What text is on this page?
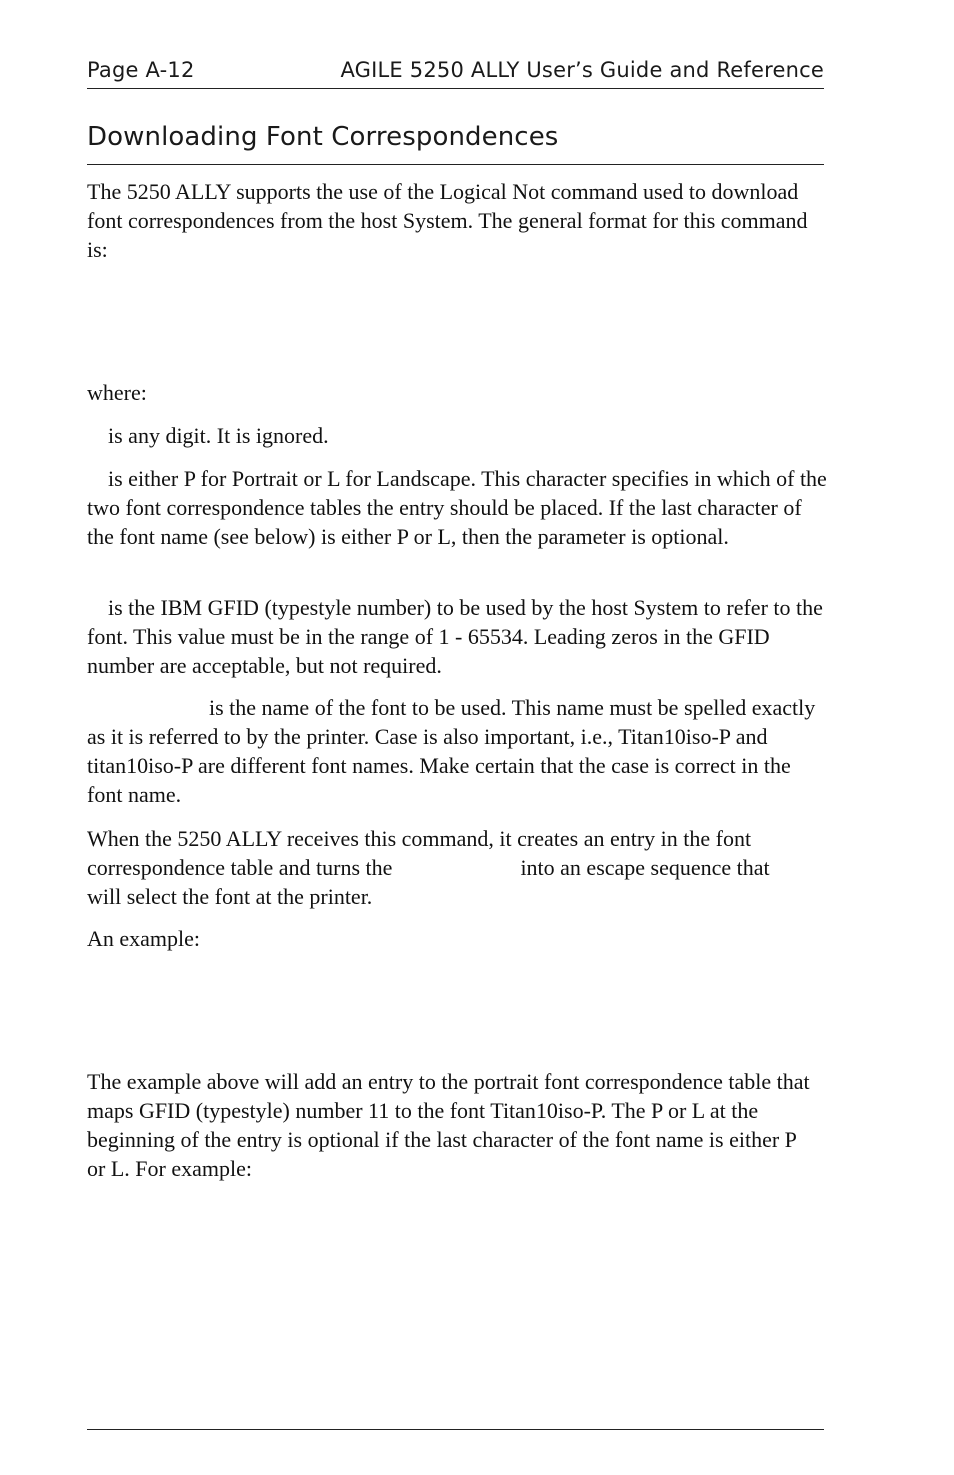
Page A-12	AGILE 5250 ALLY User’s Guide and Reference
Downloading Font Correspondences

The 5250 ALLY supports the use of the Logical Not command used to download font correspondences from the host System. The general format for this command is:

where:

is any digit. It is ignored.

is either P for Portrait or L for Landscape. This character specifies in which of the two font correspondence tables the entry should be placed. If the last character of the font name (see below) is either P or L, then the parameter is optional.

is the IBM GFID (typestyle number) to be used by the host System to refer to the font. This value must be in the range of 1 - 65534. Leading zeros in the GFID number are acceptable, but not required.

is the name of the font to be used. This name must be spelled exactly as it is referred to by the printer. Case is also important, i.e., Titan10iso-P and titan10iso-P are different font names. Make certain that the case is correct in the font name.

When the 5250 ALLY receives this command, it creates an entry in the font correspondence table and turns the	into an escape sequence that will select the font at the printer.

An example:

The example above will add an entry to the portrait font correspondence table that maps GFID (typestyle) number 11 to the font Titan10iso-P. The P or L at the beginning of the entry is optional if the last character of the font name is either P or L. For example:
